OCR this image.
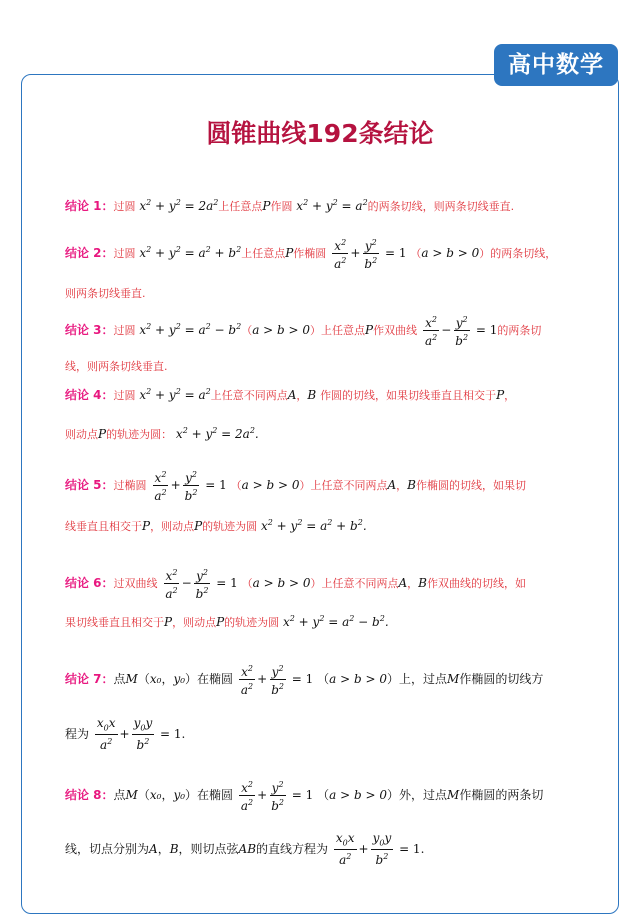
高中数学
圆锥曲线192条结论
结论 1：过圆 $x^2 + y^2 = 2a^2$上任意点P作圆 $x^2 + y^2 = a^2$的两条切线，则两条切线垂直.
结论 2：过圆 $x^2 + y^2 = a^2 + b^2$上任意点P作椭圆 $\frac{x^2}{a^2} + \frac{y^2}{b^2} = 1$ （a > b > 0）的两条切线，
则两条切线垂直.
结论 3：过圆 $x^2 + y^2 = a^2 - b^2(a > b > 0)$上任意点P作双曲线 $\frac{x^2}{a^2} - \frac{y^2}{b^2} = 1$的两条切
线，则两条切线垂直.
结论 4：过圆 $x^2 + y^2 = a^2$上任意不同两点A，B 作圆的切线，如果切线垂直且相交于P，
则动点P的轨迹为圆： $x^2 + y^2 = 2a^2$.
结论 5：过椭圆 $\frac{x^2}{a^2} + \frac{y^2}{b^2} = 1$ （a > b > 0）上任意不同两点A，B作椭圆的切线，如果切
线垂直且相交于P，则动点P的轨迹为圆 $x^2 + y^2 = a^2 + b^2$.
结论 6：过双曲线 $\frac{x^2}{a^2} - \frac{y^2}{b^2} = 1$ （a > b > 0）上任意不同两点A，B作双曲线的切线，如
果切线垂直且相交于P，则动点P的轨迹为圆 $x^2 + y^2 = a^2 - b^2$.
结论 7：点M（x₀，y₀）在椭圆 $\frac{x^2}{a^2} + \frac{y^2}{b^2} = 1$ （a > b > 0）上，过点M作椭圆的切线方
程为 $\frac{x_0x}{a^2} + \frac{y_0y}{b^2} = 1$.
结论 8：点M（x₀，y₀）在椭圆 $\frac{x^2}{a^2} + \frac{y^2}{b^2} = 1$ （a > b > 0）外，过点M作椭圆的两条切
线，切点分别为A，B，则切点弦AB的直线方程为 $\frac{x_0x}{a^2} + \frac{y_0y}{b^2} = 1$.
